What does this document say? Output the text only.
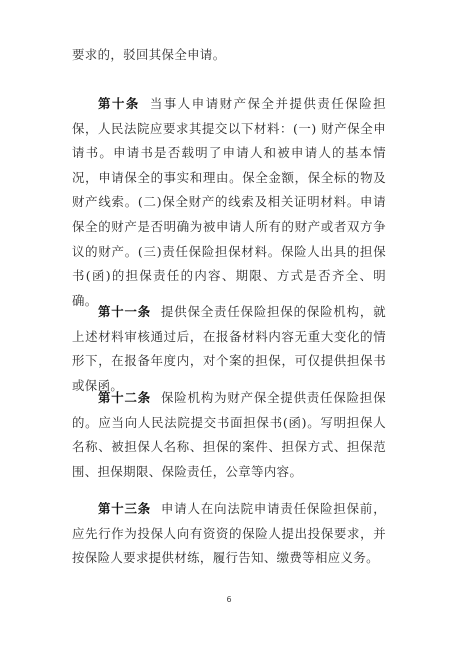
要求的，驳回其保全申请。

第十条 当事人申请财产保全并提供责任保险担保，人民法院应要求其提交以下材料：(一) 财产保全申请书。申请书是否载明了申请人和被申请人的基本情况，申请保全的事实和理由。保全金额，保全标的物及财产线索。(二)保全财产的线索及相关证明材料。申请保全的财产是否明确为被申请人所有的财产或者双方争议的财产。(三)责任保险担保材料。保险人出具的担保书(函)的担保责任的内容、期限、方式是否齐全、明确。

第十一条 提供保全责任保险担保的保险机构，就上述材料审核通过后，在报备材料内容无重大变化的情形下，在报备年度内，对个案的担保，可仅提供担保书或保函。

第十二条 保险机构为财产保全提供责任保险担保的。应当向人民法院提交书面担保书(函)。写明担保人名称、被担保人名称、担保的案件、担保方式、担保范围、担保期限、保险责任，公章等内容。

第十三条 申请人在向法院申请责任保险担保前，应先行作为投保人向有资资的保险人提出投保要求，并按保险人要求提供材练，履行告知、缴费等相应义务。

6
